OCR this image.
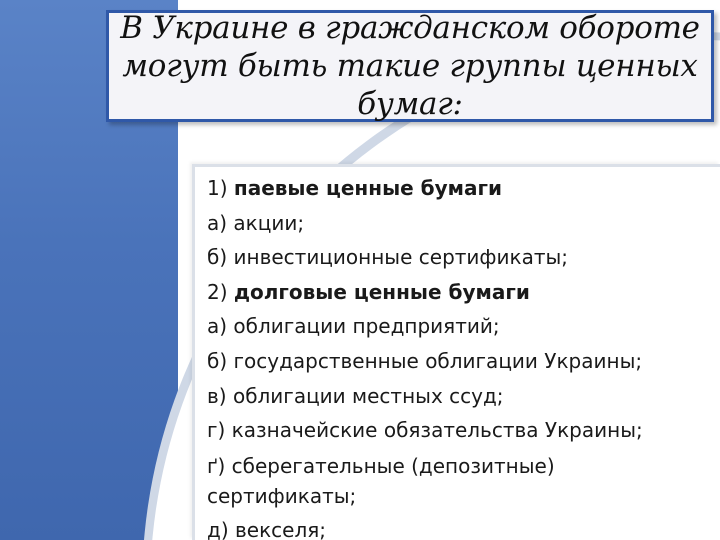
В Украине в гражданском обороте могут быть такие группы ценных бумаг:
1) паевые ценные бумаги
а) акции;
б) инвестиционные сертификаты;
2) долговые ценные бумаги
а) облигации предприятий;
б) государственные облигации Украины;
в) облигации местных ссуд;
г) казначейские обязательства Украины;
ґ) сберегательные (депозитные) сертификаты;
д) векселя;
